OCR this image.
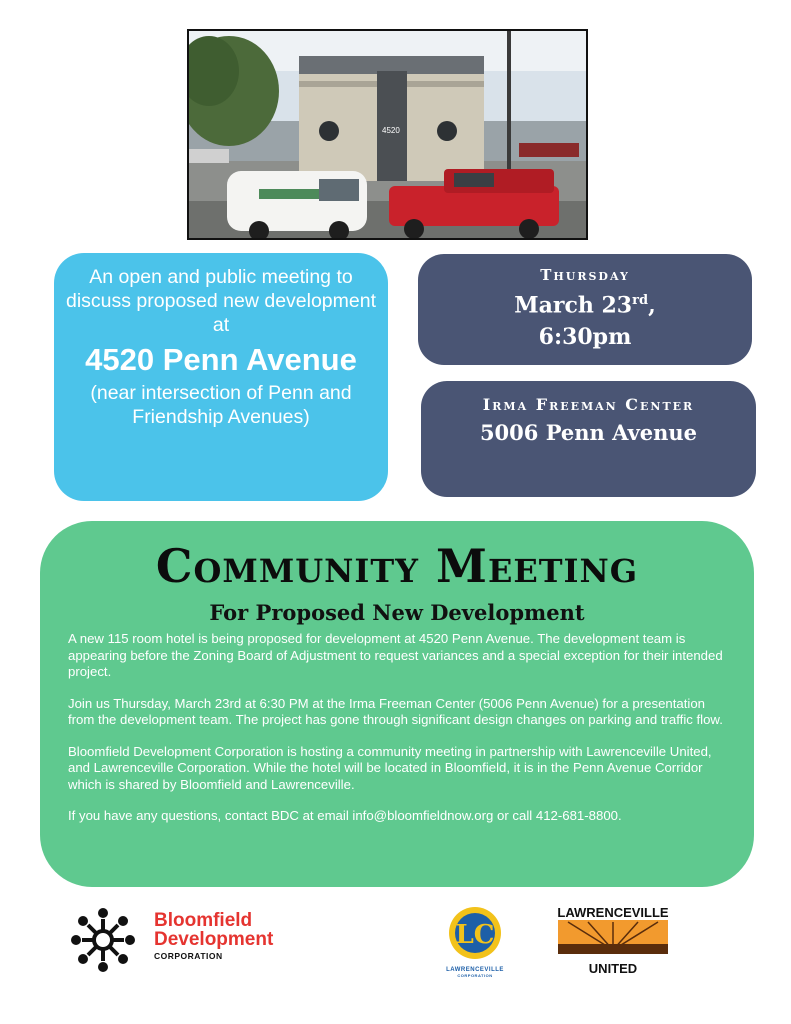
4520
An open and public meeting to discuss proposed new development at
4520 Penn Avenue
(near intersection of Penn and Friendship Avenues)
Thursday
March 23rd,
6:30pm
Irma Freeman Center
5006 Penn Avenue
Community Meeting
For Proposed New Development

A new 115 room hotel is being proposed for development at 4520 Penn Avenue. The development team is appearing before the Zoning Board of Adjustment to request variances and a special exception for their intended project.

Join us Thursday, March 23rd at 6:30 PM at the Irma Freeman Center (5006 Penn Avenue) for a presentation from the development team. The project has gone through significant design changes on parking and traffic flow.

Bloomfield Development Corporation is hosting a community meeting in partnership with Lawrenceville United, and Lawrenceville Corporation. While the hotel will be located in Bloomfield, it is in the Penn Avenue Corridor which is shared by Bloomfield and Lawrenceville.

If you have any questions, contact BDC at email info@bloomfieldnow.org or call 412-681-8800.

Bloomfield
Development
CORPORATION
LC
LAWRENCEVILLE
CORPORATION
LAWRENCEVILLE
UNITED
